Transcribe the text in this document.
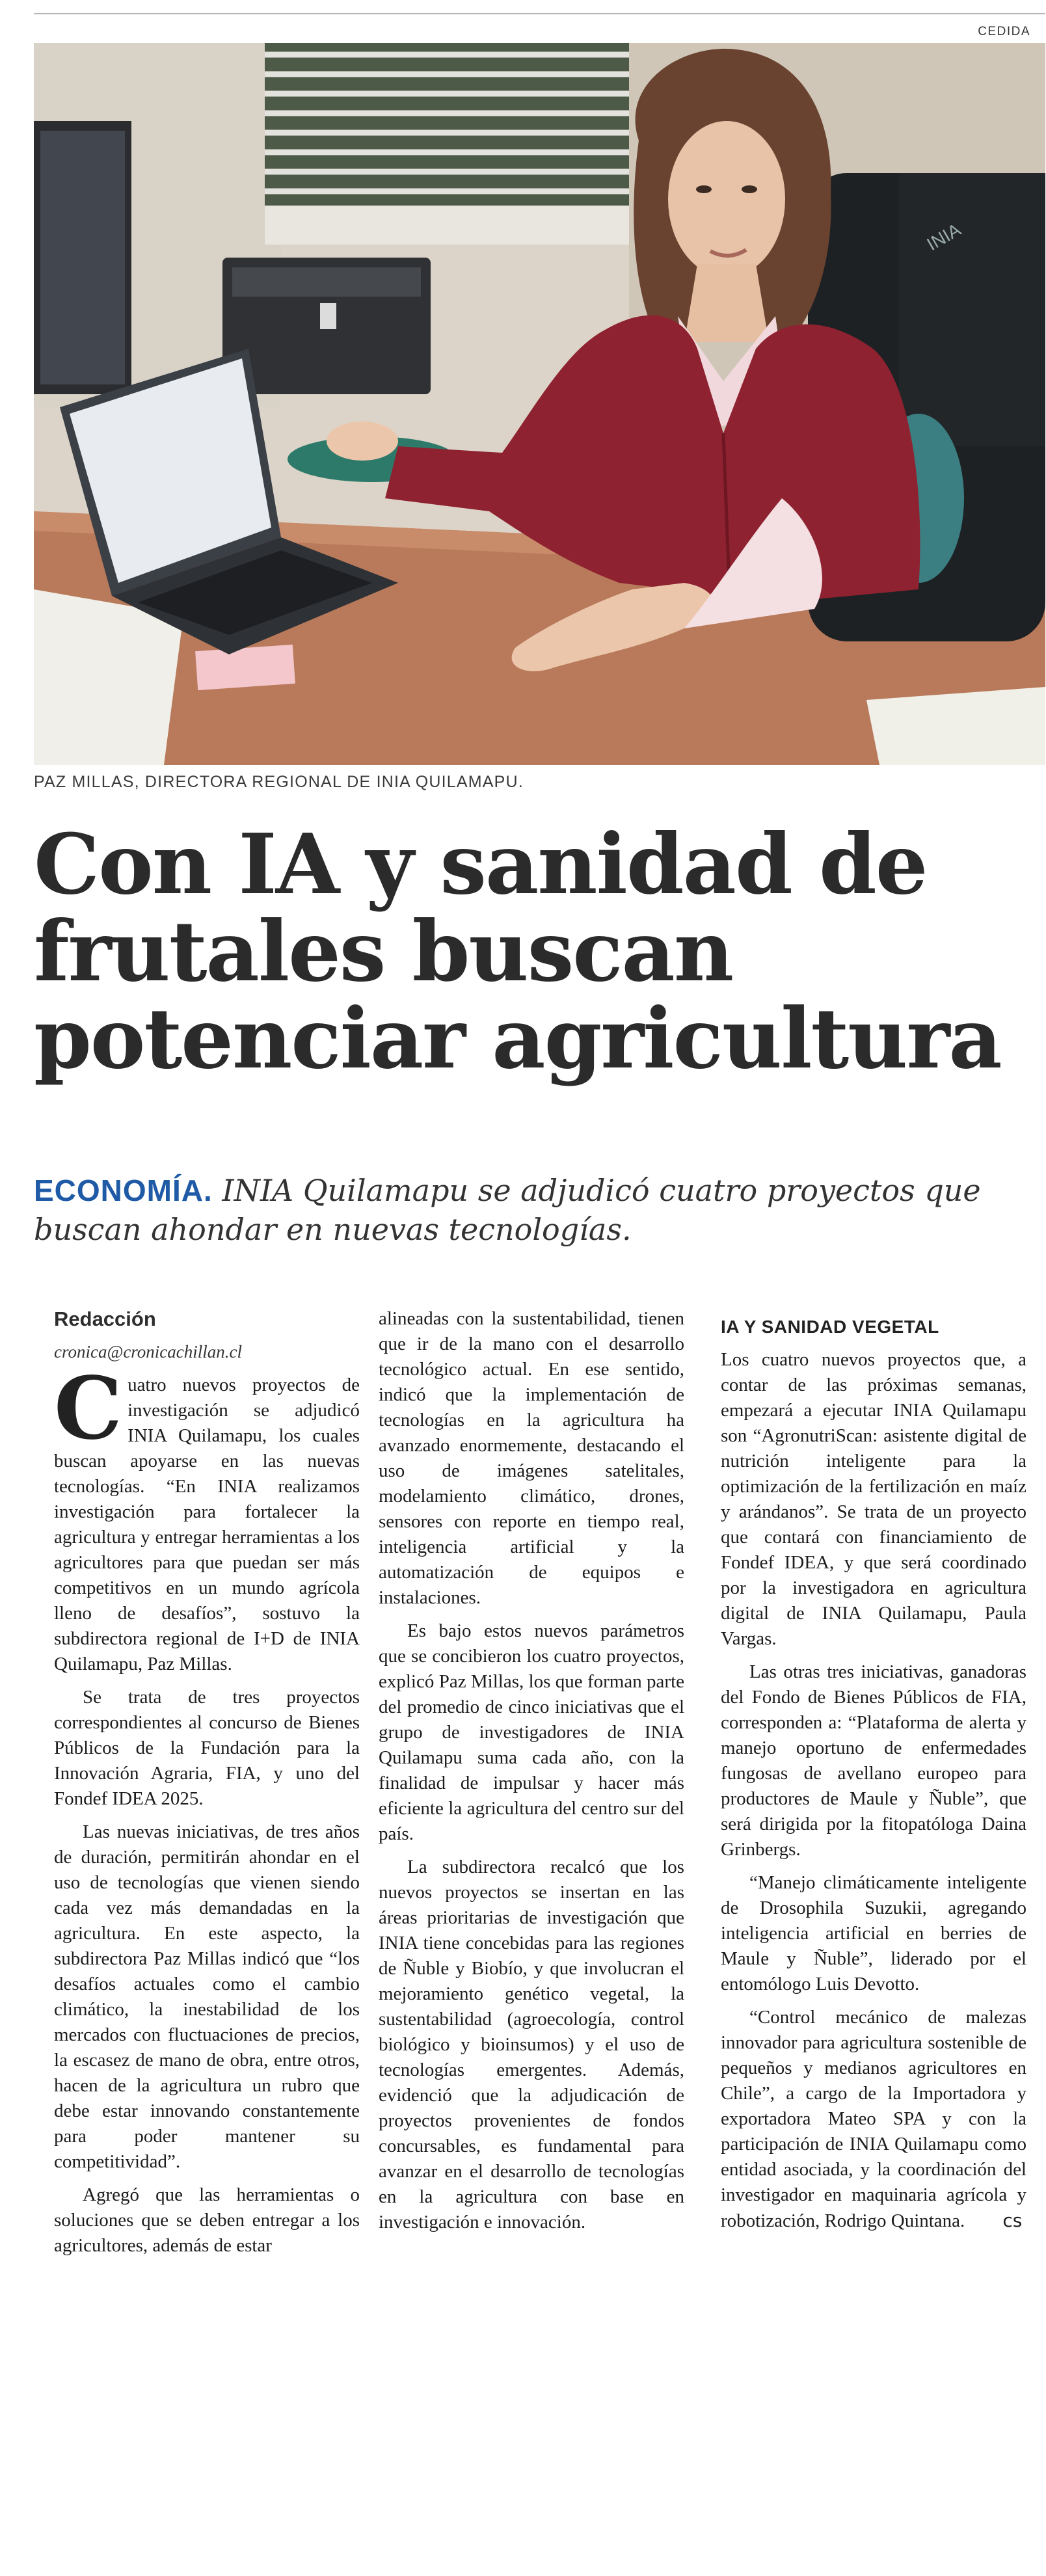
CEDIDA
INIA
PAZ MILLAS, DIRECTORA REGIONAL DE INIA QUILAMAPU.
Con IA y sanidad de
frutales buscan
potenciar agricultura
ECONOMÍA. INIA Quilamapu se adjudicó cuatro proyectos que buscan ahondar en nuevas tecnologías.

Redacción

cronica@cronicachillan.cl

Cuatro nuevos proyectos de investigación se adjudicó INIA Quilamapu, los cuales buscan apoyarse en las nuevas tecnologías. “En INIA realizamos investigación para fortalecer la agricultura y entregar herramientas a los agricultores para que puedan ser más competitivos en un mundo agrícola lleno de desafíos”, sostuvo la subdirectora regional de I+D de INIA Quilamapu, Paz Millas.

Se trata de tres proyectos correspondientes al concurso de Bienes Públicos de la Fundación para la Innovación Agraria, FIA, y uno del Fondef IDEA 2025.

Las nuevas iniciativas, de tres años de duración, permitirán ahondar en el uso de tecnologías que vienen siendo cada vez más demandadas en la agricultura. En este aspecto, la subdirectora Paz Millas indicó que “los desafíos actuales como el cambio climático, la inestabilidad de los mercados con fluctuaciones de precios, la escasez de mano de obra, entre otros, hacen de la agricultura un rubro que debe estar innovando constantemente para poder mantener su competitividad”.

Agregó que las herramientas o soluciones que se deben entregar a los agricultores, además de estar

alineadas con la sustentabilidad, tienen que ir de la mano con el desarrollo tecnológico actual. En ese sentido, indicó que la implementación de tecnologías en la agricultura ha avanzado enormemente, destacando el uso de imágenes satelitales, modelamiento climático, drones, sensores con reporte en tiempo real, inteligencia artificial y la automatización de equipos e instalaciones.

Es bajo estos nuevos parámetros que se concibieron los cuatro proyectos, explicó Paz Millas, los que forman parte del promedio de cinco iniciativas que el grupo de investigadores de INIA Quilamapu suma cada año, con la finalidad de impulsar y hacer más eficiente la agricultura del centro sur del país.

La subdirectora recalcó que los nuevos proyectos se insertan en las áreas prioritarias de investigación que INIA tiene concebidas para las regiones de Ñuble y Biobío, y que involucran el mejoramiento genético vegetal, la sustentabilidad (agroecología, control biológico y bioinsumos) y el uso de tecnologías emergentes. Además, evidenció que la adjudicación de proyectos provenientes de fondos concursables, es fundamental para avanzar en el desarrollo de tecnologías en la agricultura con base en investigación e innovación.

IA Y SANIDAD VEGETAL

Los cuatro nuevos proyectos que, a contar de las próximas semanas, empezará a ejecutar INIA Quilamapu son “AgronutriScan: asistente digital de nutrición inteligente para la optimización de la fertilización en maíz y arándanos”. Se trata de un proyecto que contará con financiamiento de Fondef IDEA, y que será coordinado por la investigadora en agricultura digital de INIA Quilamapu, Paula Vargas.

Las otras tres iniciativas, ganadoras del Fondo de Bienes Públicos de FIA, corresponden a: “Plataforma de alerta y manejo oportuno de enfermedades fungosas de avellano europeo para productores de Maule y Ñuble”, que será dirigida por la fitopatóloga Daina Grinbergs.

“Manejo climáticamente inteligente de Drosophila Suzukii, agregando inteligencia artificial en berries de Maule y Ñuble”, liderado por el entomólogo Luis Devotto.

“Control mecánico de malezas innovador para agricultura sostenible de pequeños y medianos agricultores en Chile”, a cargo de la Importadora y exportadora Mateo SPA y con la participación de INIA Quilamapu como entidad asociada, y la coordinación del investigador en maquinaria agrícola y robotización, Rodrigo Quintana. cs
